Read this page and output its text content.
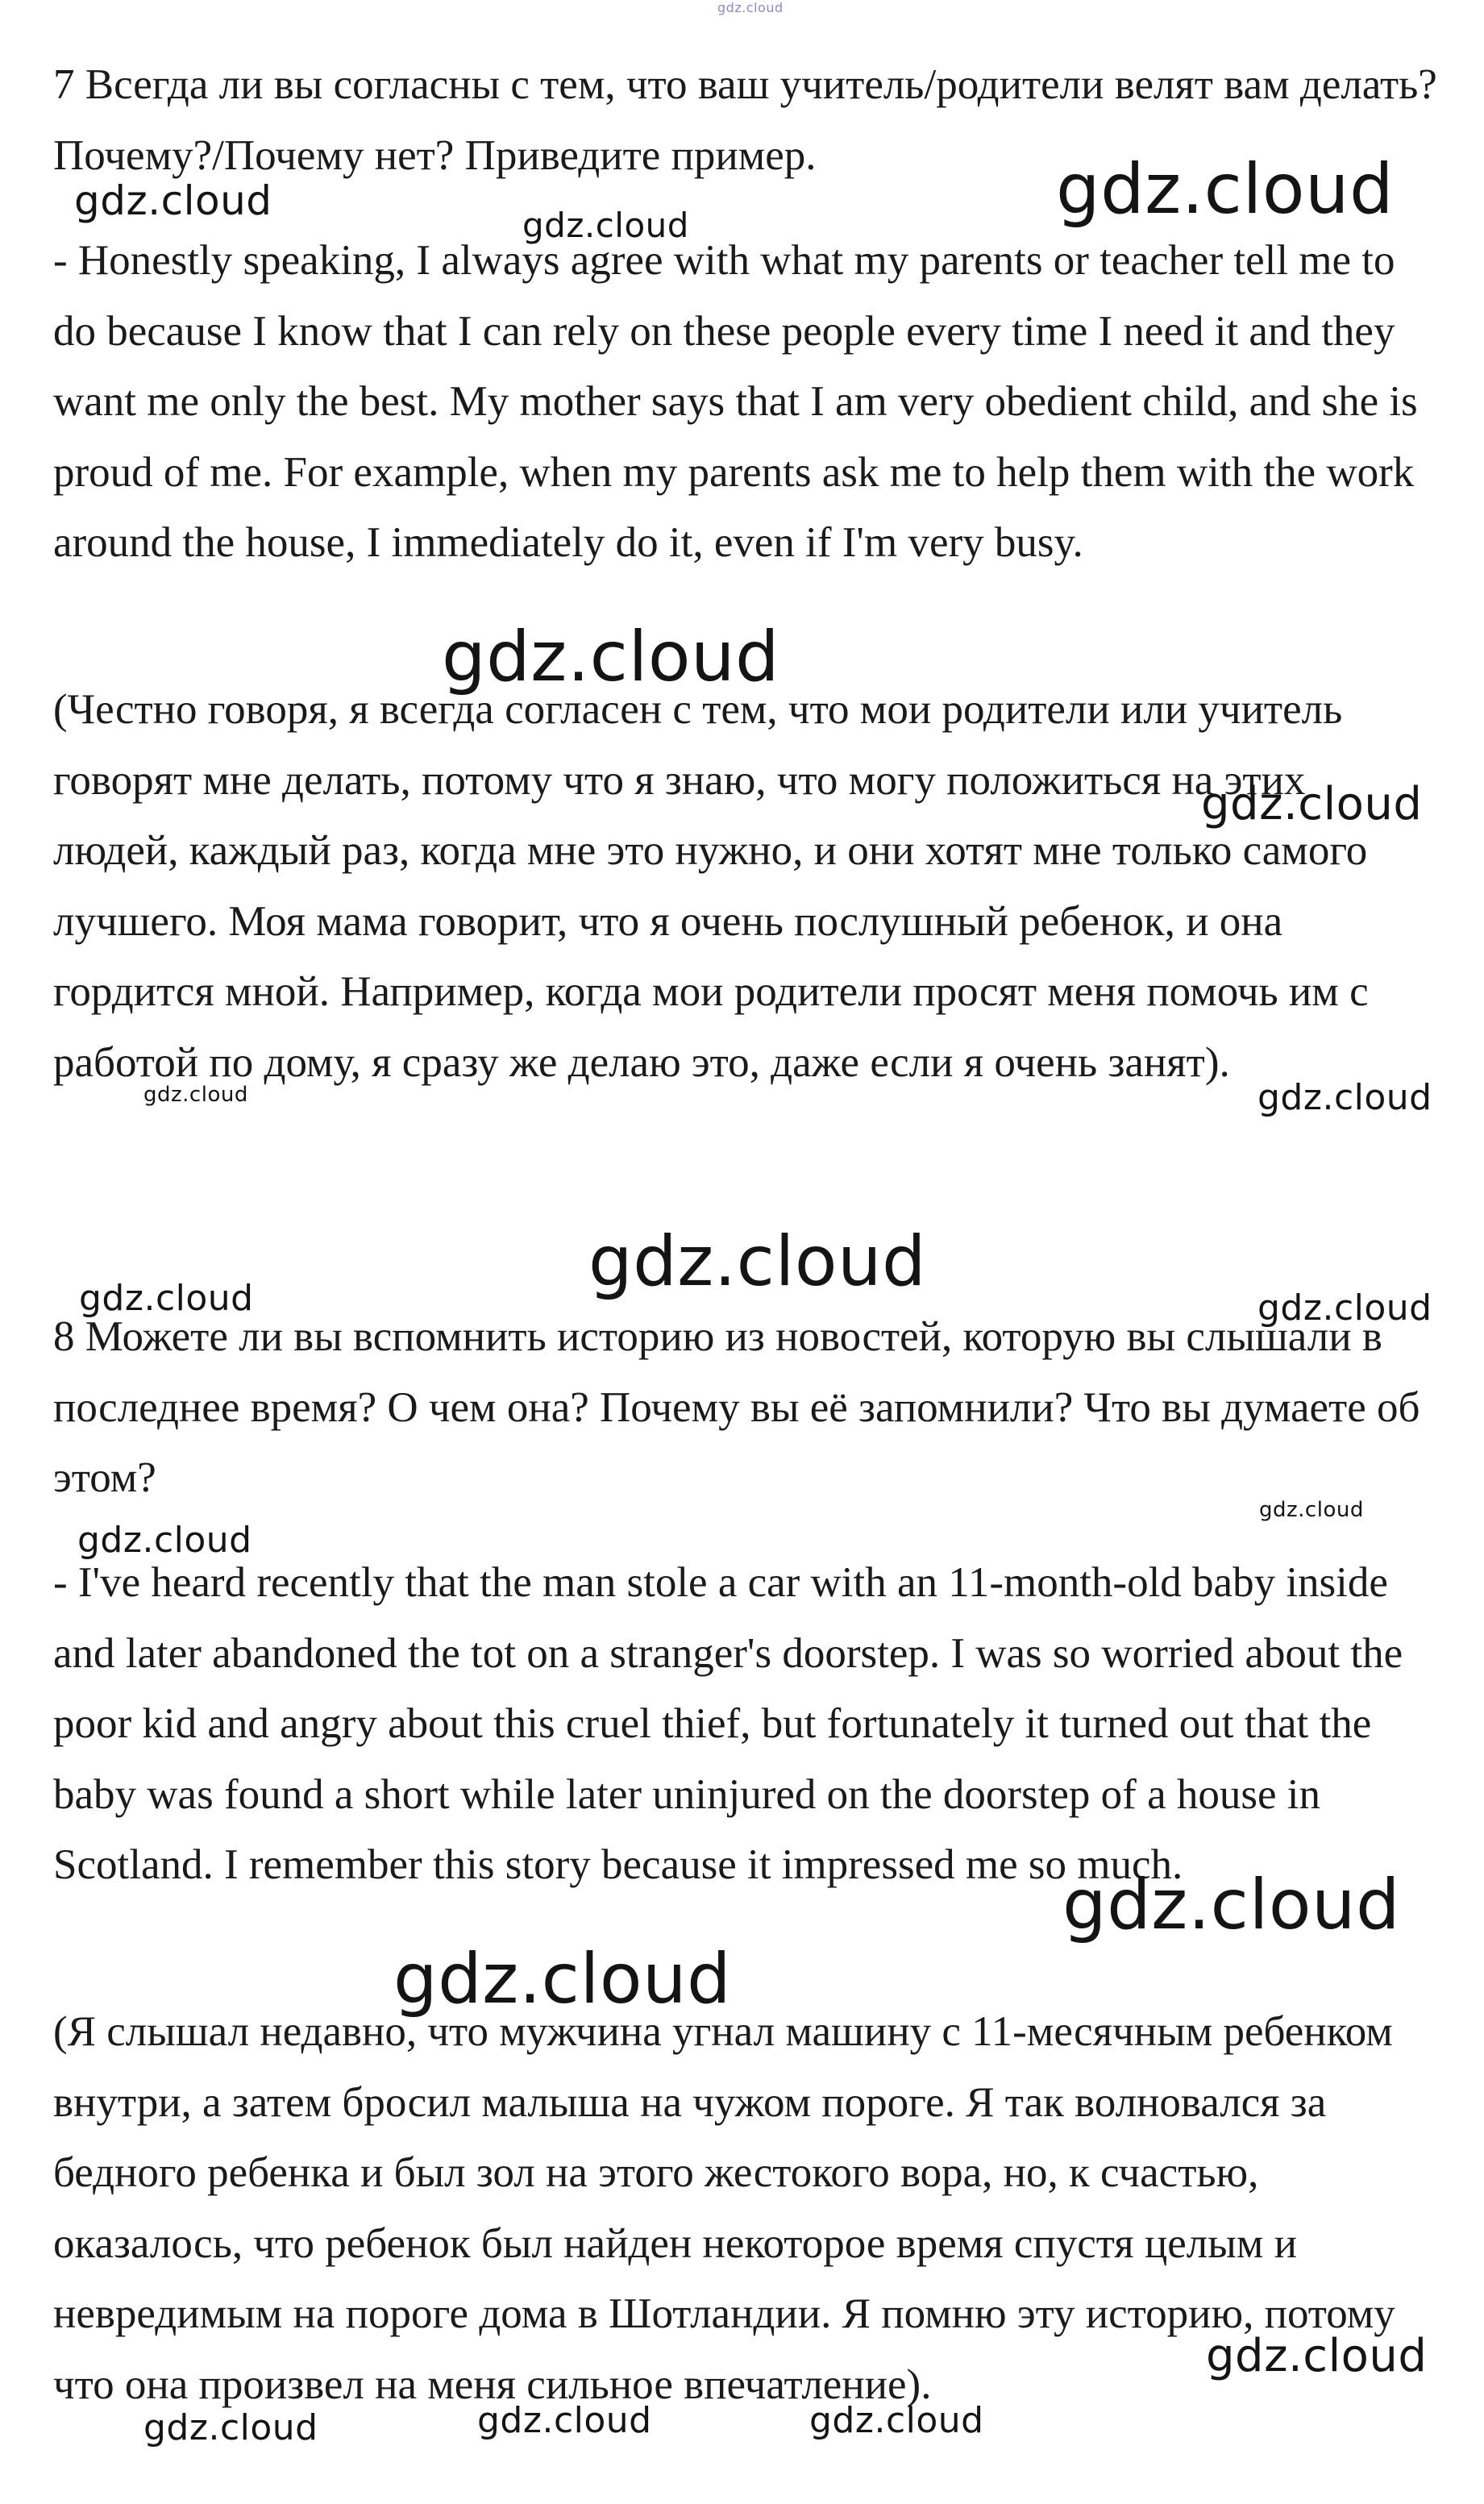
gdz.cloud

7 Всегда ли вы согласны с тем, что ваш учитель/родители велят вам делать? Почему?/Почему нет? Приведите пример.

- Honestly speaking, I always agree with what my parents or teacher tell me to do because I know that I can rely on these people every time I need it and they want me only the best. My mother says that I am very obedient child, and she is proud of me. For example, when my parents ask me to help them with the work around the house, I immediately do it, even if I'm very busy.

(Честно говоря, я всегда согласен с тем, что мои родители или учитель говорят мне делать, потому что я знаю, что могу положиться на этих людей, каждый раз, когда мне это нужно, и они хотят мне только самого лучшего. Моя мама говорит, что я очень послушный ребенок, и она гордится мной. Например, когда мои родители просят меня помочь им с работой по дому, я сразу же делаю это, даже если я очень занят).

8 Можете ли вы вспомнить историю из новостей, которую вы слышали в последнее время? О чем она? Почему вы её запомнили? Что вы думаете об этом?

- I've heard recently that the man stole a car with an 11-month-old baby inside and later abandoned the tot on a stranger's doorstep. I was so worried about the poor kid and angry about this cruel thief, but fortunately it turned out that the baby was found a short while later uninjured on the doorstep of a house in Scotland. I remember this story because it impressed me so much.

(Я слышал недавно, что мужчина угнал машину с 11-месячным ребенком внутри, а затем бросил малыша на чужом пороге. Я так волновался за бедного ребенка и был зол на этого жестокого вора, но, к счастью, оказалось, что ребенок был найден некоторое время спустя целым и невредимым на пороге дома в Шотландии. Я помню эту историю, потому что она произвел на меня сильное впечатление).

gdz.cloud
gdz.cloud	gdz.cloud
gdz.cloud
gdz.cloud
gdz.cloud	gdz.cloud
gdz.cloud
gdz.cloud	gdz.cloud
gdz.cloud
gdz.cloud
gdz.cloud
gdz.cloud
gdz.cloud
gdz.cloud	gdz.cloud	gdz.cloud
